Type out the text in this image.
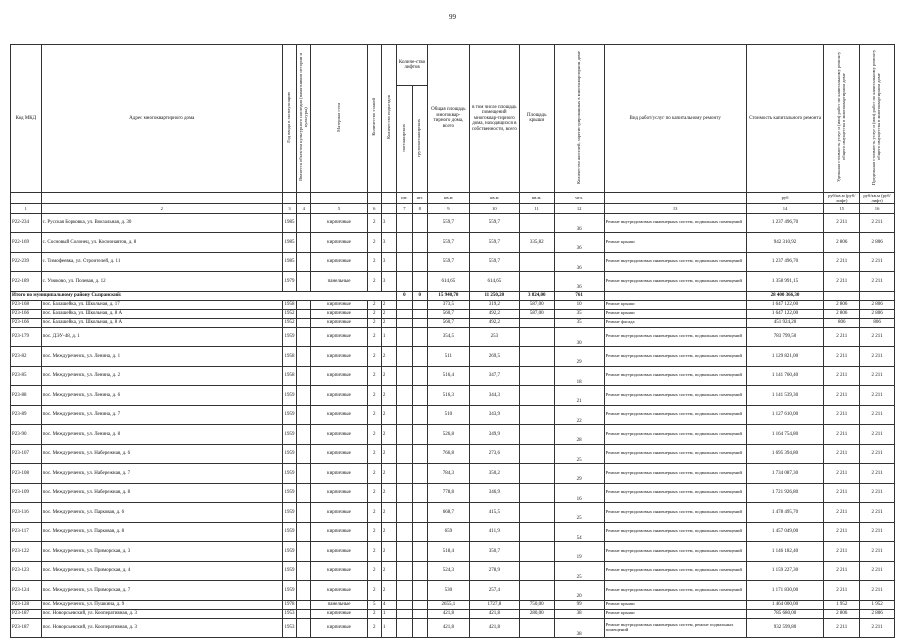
99
Код МКД	Адрес многоквартирного дома	Год ввода в эксплуатацию	Является объектом культурного наследия (памятником истории и культуры)	Материал стен	Количество этажей	Количество подъездов	Количе-ство лифтов		Общая площадь многоквар-тирного дома, всего	в том числе площадь помещений многоквар-тирного дома, находящихся в собственности, всего	Площадь крыши	Количество жителей, зарегистрированных в многоквартирном доме	Вид работ/услуг по капитальному ремонту	Стоимость капитального ремонта	Удельная стоимость услуг и (или) работ по капитальному ремонту общего имущества в многоквартирном доме	Предельная стоимость услуг и (или) работ по капитальному ремонту общего имущества в многоквартирном доме
							пассажирских	грузопассажирских								
							шт.	шт.	кв.м	кв.м	кв.м.	чел.		руб	руб/кв.м (руб/лифт)	руб/кв.м (руб/лифт)
1	2	3	4	5	6		7	8	9	10	11	12	13	14	15	16
Р22-234	с. Русская Борковка, ул. Вокзальная, д. 30	1985		кирпичные	2	3			559,7	559,7		36	Ремонт внутридомовых инженерных систем, подвальных помещений	1 237 496,70	2 211	2 211
Р22-169	с. Сосновый Солонец, ул. Космонавтов, д. 8	1985		кирпичные	2	3			559,7	559,7	335,82	36	Ремонт крыши	942 310,92	2 806	2 806
Р22-239	с. Тимофеевка, ул. Строителей, д. 11	1985		кирпичные	2	3			559,7	559,7		36	Ремонт внутридомовых инженерных систем, подвальных помещений	1 237 496,70	2 211	2 211
Р22-189	с. Узюково, ул. Полевая, д. 12	1979		панельные	2	3			614,65	614,65		36	Ремонт внутридомовых инженерных систем, подвальных помещений	1 358 991,15	2 211	2 211
Итого по муниципальному району Сызранский:							0	0	15 940,70	11 250,20	3 824,00	761		28 400 366,30		
Р23-168	пос. Балашейка, ул. Школьная, д. 17	1958		кирпичные	2	2			373,5	319,2	587,00	10	Ремонт крыши	1 647 122,00	2 806	2 806
Р23-166	пос. Балашейка, ул. Школьная, д. 8 А	1952		кирпичные	2	2			560,7	492,2	587,00	35	Ремонт крыши	1 647 122,00	2 806	2 806
Р23-166	пос. Балашейка, ул. Школьная, д. 8 А	1952		кирпичные	2	2			560,7	492,2		35	Ремонт фасада	451 924,20	806	806
Р23-179	пос. ДЭУ-48, д. 1	1959		кирпичные	2	1			354,5	253		30	Ремонт внутридомовых инженерных систем, подвальных помещений	783 799,50	2 211	2 211
Р23-82	пос. Междуреченск, ул. Ленина, д. 1	1958		кирпичные	2	2			511	269,5		29	Ремонт внутридомовых инженерных систем, подвальных помещений	1 129 821,00	2 211	2 211
Р23-85	пос. Междуреченск, ул. Ленина, д. 2	1958		кирпичные	2	2			516,4	347,7		18	Ремонт внутридомовых инженерных систем, подвальных помещений	1 141 760,40	2 211	2 211
Р23-88	пос. Междуреченск, ул. Ленина, д. 6	1959		кирпичные	2	2			516,3	344,3		21	Ремонт внутридомовых инженерных систем, подвальных помещений	1 141 539,30	2 211	2 211
Р23-89	пос. Междуреченск, ул. Ленина, д. 7	1959		кирпичные	2	2			510	343,9		22	Ремонт внутридомовых инженерных систем, подвальных помещений	1 127 610,00	2 211	2 211
Р23-90	пос. Междуреченск, ул. Ленина, д. 8	1959		кирпичные	2	2			526,8	349,9		28	Ремонт внутридомовых инженерных систем, подвальных помещений	1 164 754,80	2 211	2 211
Р23-107	пос. Междуреченск, ул. Набережная, д. 6	1959		кирпичные	2	2			766,8	273,6		25	Ремонт внутридомовых инженерных систем, подвальных помещений	1 695 394,80	2 211	2 211
Р23-108	пос. Междуреченск, ул. Набережная, д. 7	1959		кирпичные	2	2			784,3	350,2		29	Ремонт внутридомовых инженерных систем, подвальных помещений	1 734 087,30	2 211	2 211
Р23-109	пос. Междуреченск, ул. Набережная, д. 8	1959		кирпичные	2	2			778,8	346,9		16	Ремонт внутридомовых инженерных систем, подвальных помещений	1 721 926,80	2 211	2 211
Р23-116	пос. Междуреченск, ул. Парковая, д. 6	1959		кирпичные	2	2			668,7	415,5		25	Ремонт внутридомовых инженерных систем, подвальных помещений	1 478 495,70	2 211	2 211
Р23-117	пос. Междуреченск, ул. Парковая, д. 8	1959		кирпичные	2	2			659	411,9		54	Ремонт внутридомовых инженерных систем, подвальных помещений	1 457 049,00	2 211	2 211
Р23-122	пос. Междуреченск, ул. Приморская, д. 3	1959		кирпичные	2	2			518,4	350,7		19	Ремонт внутридомовых инженерных систем, подвальных помещений	1 146 182,40	2 211	2 211
Р23-123	пос. Междуреченск, ул. Приморская, д. 4	1959		кирпичные	2	2			524,3	278,9		25	Ремонт внутридомовых инженерных систем, подвальных помещений	1 159 227,30	2 211	2 211
Р23-124	пос. Междуреченск, ул. Приморская, д. 7	1959		кирпичные	2	2			530	257,4		20	Ремонт внутридомовых инженерных систем, подвальных помещений	1 171 830,00	2 211	2 211
Р23-128	пос. Междуреченск, ул. Пушкина, д. 9	1978		панельные	5	4			2655,1	1727,8	750,00	99	Ремонт крыши	1 464 000,00	1 952	1 952
Р23-187	пос. Новорсьевский, ул. Кооперативная, д. 3	1953		кирпичные	2	1			421,8	421,8	280,00	38	Ремонт крыши	785 680,00	2 806	2 806
Р23-187	пос. Новорсьевский, ул. Кооперативная, д. 3	1953		кирпичные	2	1			421,8	421,8		38	Ремонт внутридомовых инженерных систем, ремонт подвальных помещений	932 599,80	2 211	2 211
